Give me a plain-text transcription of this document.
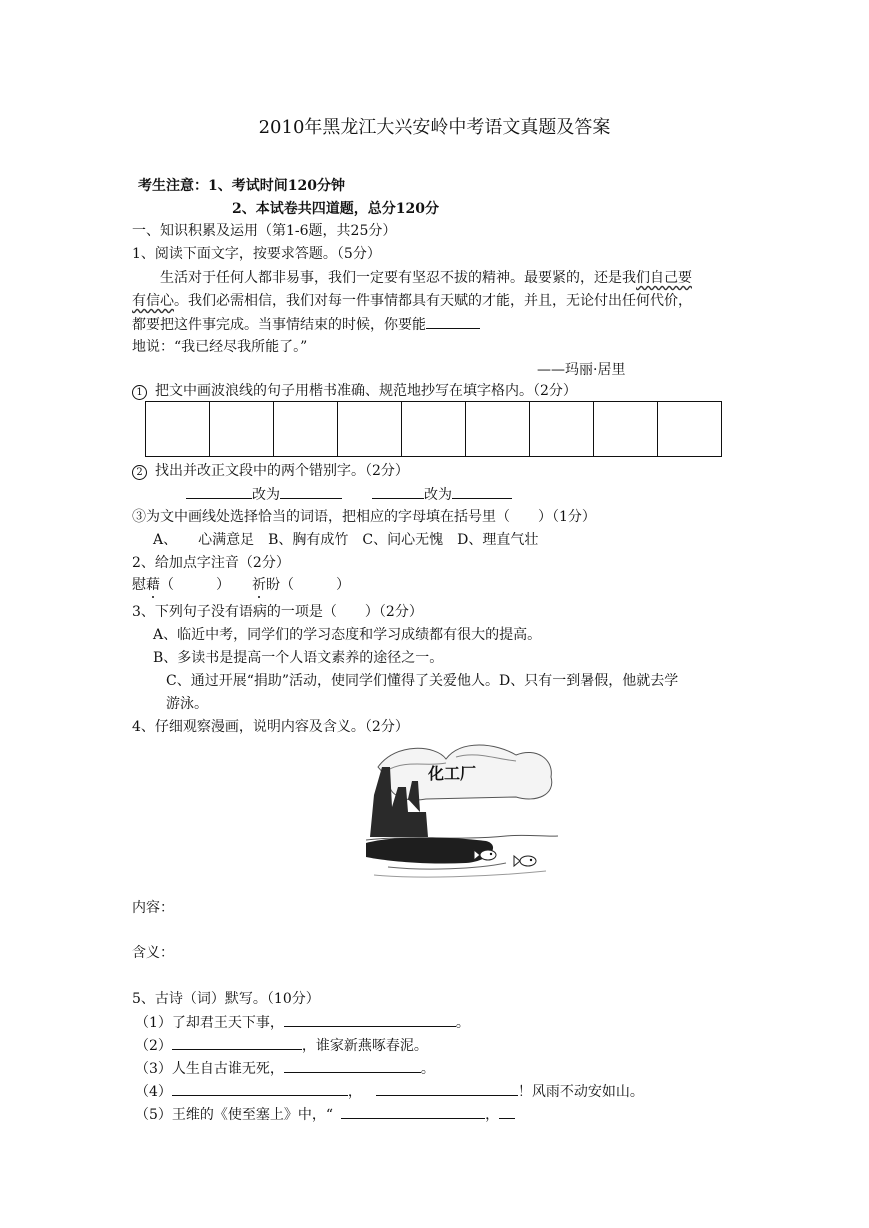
2010年黑龙江大兴安岭中考语文真题及答案
考生注意：1、考试时间120分钟
2、本试卷共四道题，总分120分
一、知识积累及运用（第1-6题，共25分）
1、阅读下面文字，按要求答题。（5分）
生活对于任何人都非易事，我们一定要有坚忍不拔的精神。最要紧的，还是我们自己要
有信心。我们必需相信，我们对每一件事情都具有天赋的才能，并且，无论付出任何代价，
都要把这件事完成。当事情结束的时候，你要能
地说：“我已经尽我所能了。”
——玛丽·居里
1 把文中画波浪线的句子用楷书准确、规范地抄写在填字格内。（2分）
2 找出并改正文段中的两个错别字。（2分）
改为	改为
③为文中画线处选择恰当的词语，把相应的字母填在括号里（　　）（1分）
A、　　心满意足　B、胸有成竹　C、问心无愧　D、理直气壮
2、给加点字注音（2分）
慰藉（　　　） 祈盼（　　　）
3、下列句子没有语病的一项是（　　）（2分）
A、临近中考，同学们的学习态度和学习成绩都有很大的提高。
B、多读书是提高一个人语文素养的途径之一。
C、通过开展“捐助”活动，使同学们懂得了关爱他人。D、只有一到暑假，他就去学
游泳。
4、仔细观察漫画，说明内容及含义。（2分）
化工厂
内容：
含义：
5、古诗（词）默写。（10分）
（1）了却君王天下事，	。
（2）	，谁家新燕啄春泥。
（3）人生自古谁无死，	。
（4）	，	！风雨不动安如山。
（5）王维的《使至塞上》中，“	，
